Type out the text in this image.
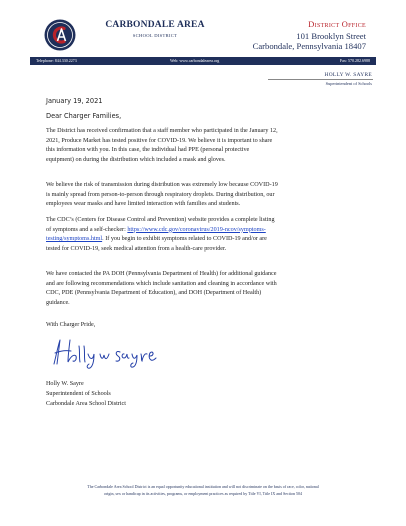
CARBONDALE AREA
SCHOOL DISTRICT
District Office
101 Brooklyn Street
Carbondale, Pennsylvania 18407
Telephone: 844.330.2273	Web: www.carbondalearea.org	Fax: 570.282.6988
HOLLY W. SAYRE
Superintendent of Schools
January 19, 2021
Dear Charger Families,
The District has received confirmation that a staff member who participated in the January 12,
2021, Produce Market has tested positive for COVID-19. We believe it is important to share
this information with you. In this case, the individual had PPE (personal protective
equipment) on during the distribution which included a mask and gloves.
We believe the risk of transmission during distribution was extremely low because COVID-19
is mainly spread from person-to-person through respiratory droplets. During distribution, our
employees wear masks and have limited interaction with families and students.
The CDC’s (Centers for Disease Control and Prevention) website provides a complete listing
of symptoms and a self-checker: https://www.cdc.gov/coronavirus/2019-ncov/symptoms-
testing/symptoms.html. If you begin to exhibit symptoms related to COVID-19 and/or are
tested for COVID-19, seek medical attention from a health-care provider.
We have contacted the PA DOH (Pennsylvania Department of Health) for additional guidance
and are following recommendations which include sanitation and cleaning in accordance with
CDC, PDE (Pennsylvania Department of Education), and DOH (Department of Health)
guidance.
With Charger Pride,
Holly W. Sayre
Superintendent of Schools
Carbondale Area School District
The Carbondale Area School District is an equal opportunity educational institution and will not discriminate on the basis of race, color, national
origin, sex or handicap in its activities, programs, or employment practices as required by Title VI, Title IX and Section 504
